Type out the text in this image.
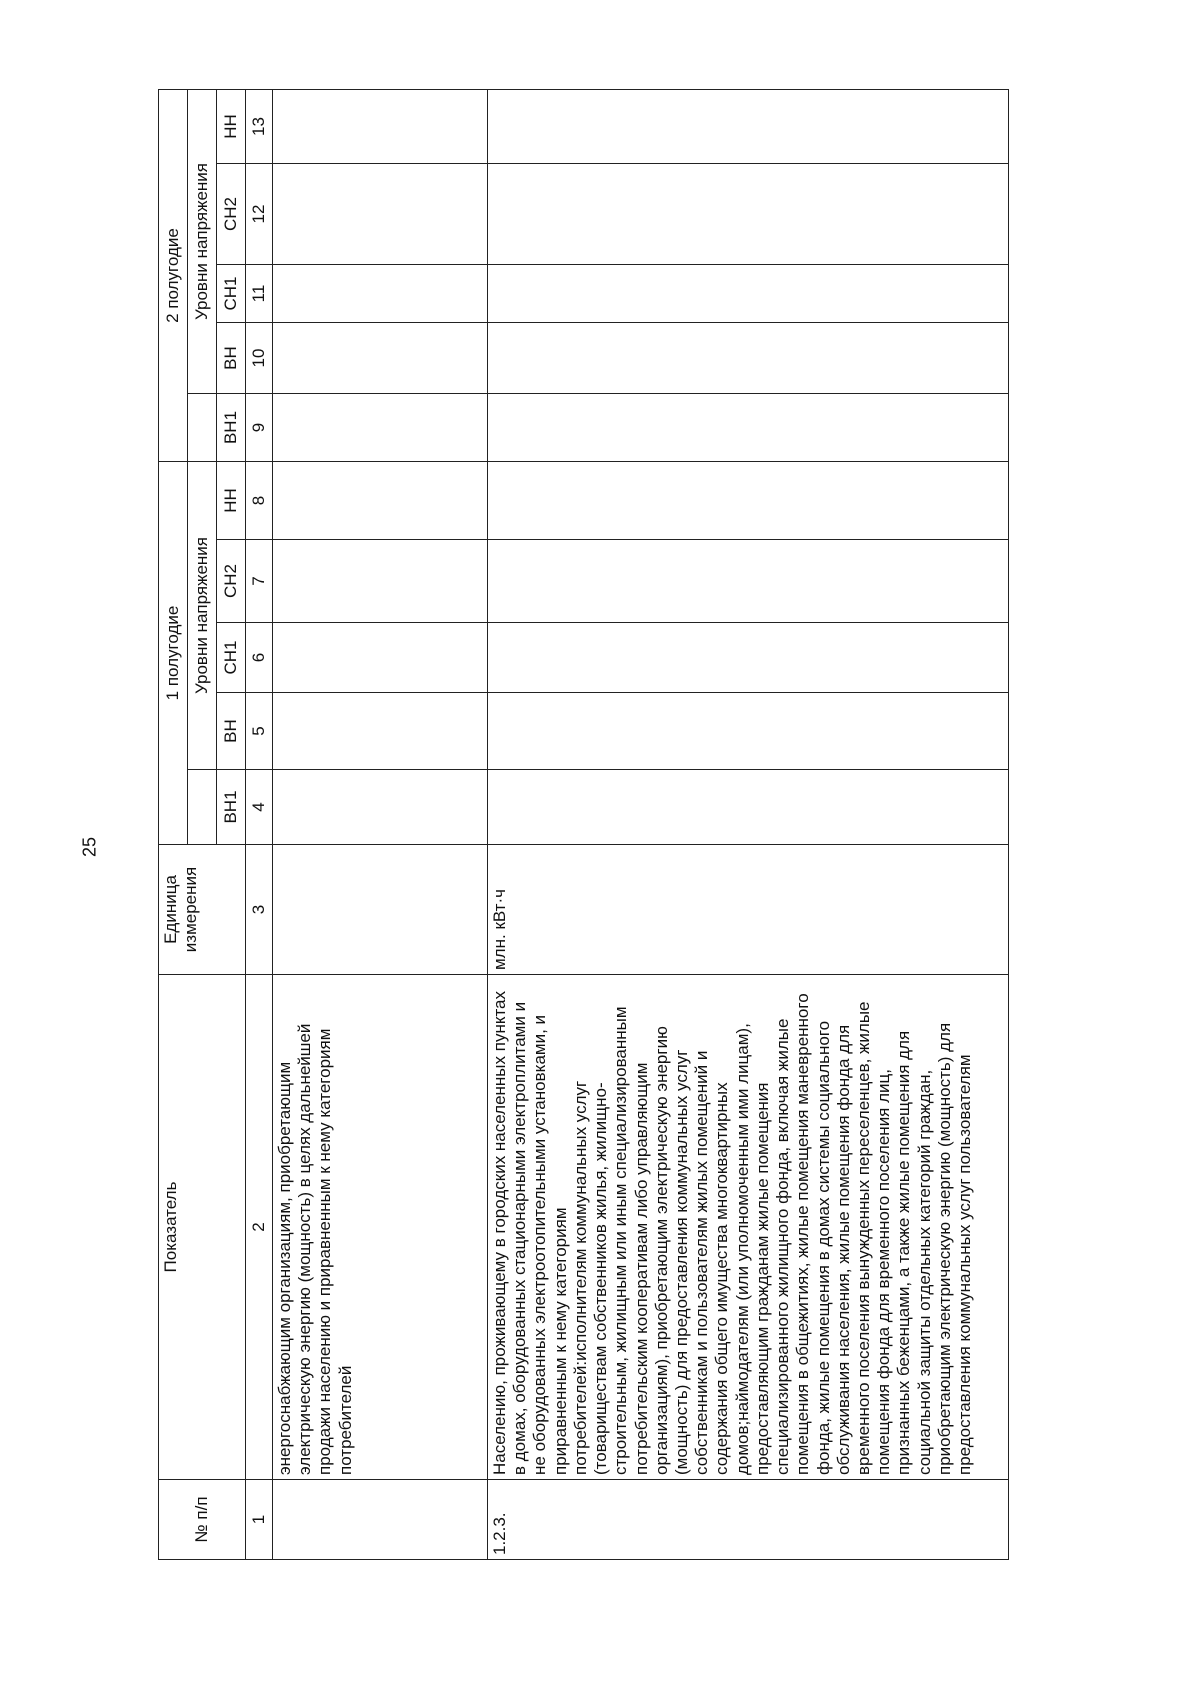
25
№ п/п	Показатель	Единица измерения	1 полугодие					2 полугодие				
				Уровни напряжения					Уровни напряжения			
			ВН1	ВН	СН1	СН2	НН	ВН1	ВН	СН1	СН2	НН
1	2	3	4	5	6	7	8	9	10	11	12	13
	энергоснабжающим организациям, приобретающим электрическую энергию (мощность) в целях дальнейшей продажи населению и приравненным к нему категориям потребителей											
1.2.3.	Населению, проживающему в городских населенных пунктах в домах, оборудованных стационарными электроплитами и не оборудованных электроотопительными установками, и приравненным к нему категориям потребителей:исполнителям коммунальных услуг (товариществам собственников жилья, жилищно-строительным, жилищным или иным специализированным потребительским кооперативам либо управляющим организациям), приобретающим электрическую энергию (мощность) для предоставления коммунальных услуг собственникам и пользователям жилых помещений и содержания общего имущества многоквартирных домов;наймодателям (или уполномоченным ими лицам), предоставляющим гражданам жилые помещения специализированного жилищного фонда, включая жилые помещения в общежитиях, жилые помещения маневренного фонда, жилые помещения в домах системы социального обслуживания населения, жилые помещения фонда для временного поселения вынужденных переселенцев, жилые помещения фонда для временного поселения лиц, признанных беженцами, а также жилые помещения для социальной защиты отдельных категорий граждан, приобретающим электрическую энергию (мощность) для предоставления коммунальных услуг пользователям	млн. кВт·ч										
